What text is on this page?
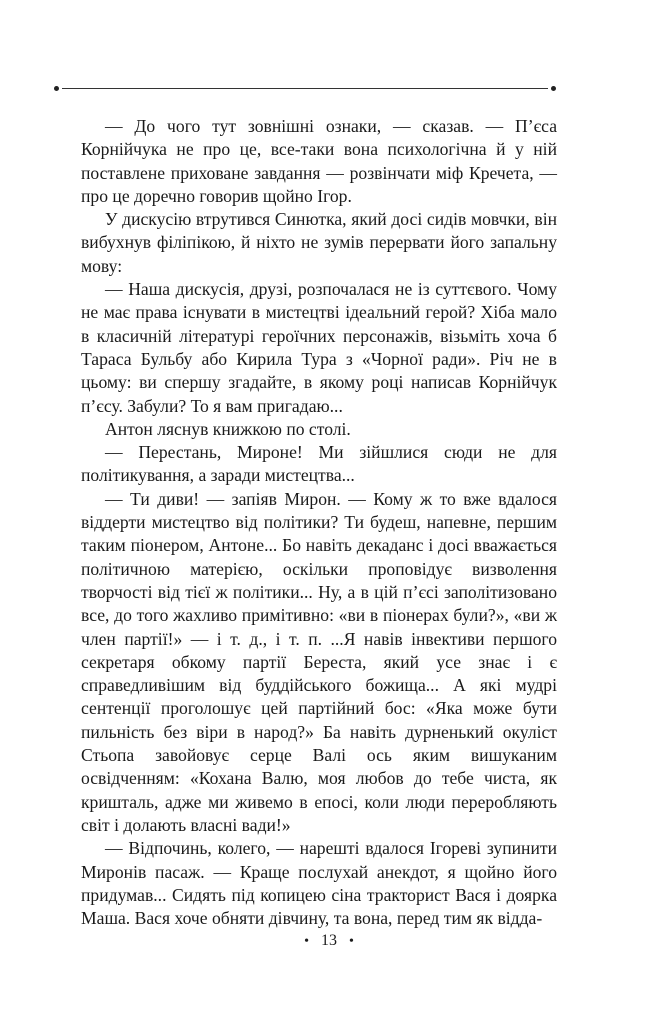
— До чого тут зовнішні ознаки, — сказав. — П’єса Корнійчука не про це, все-таки вона психологічна й у ній поставлене приховане завдання — розвінчати міф Кречета, — про це доречно говорив щойно Ігор.

У дискусію втрутився Синютка, який досі сидів мовчки, він вибухнув філіпікою, й ніхто не зумів перервати його запальну мову:

— Наша дискусія, друзі, розпочалася не із суттєвого. Чому не має права існувати в мистецтві ідеальний герой? Хіба мало в класичній літературі героїчних персонажів, візьміть хоча б Тараса Бульбу або Кирила Тура з «Чорної ради». Річ не в цьому: ви спершу згадайте, в якому році написав Корнійчук п’єсу. Забули? То я вам пригадаю...

Антон ляснув книжкою по столі.

— Перестань, Мироне! Ми зійшлися сюди не для політикування, а заради мистецтва...

— Ти диви! — запіяв Мирон. — Кому ж то вже вдалося віддерти мистецтво від політики? Ти будеш, напевне, першим таким піонером, Антоне... Бо навіть декаданс і досі вважається політичною матерією, оскільки проповідує визволення творчості від тієї ж політики... Ну, а в цій п’єсі заполітизовано все, до того жахливо примітивно: «ви в піонерах були?», «ви ж член партії!» — і т. д., і т. п. ...Я навів інвективи першого секретаря обкому партії Береста, який усе знає і є справедливішим від буддійського божища... А які мудрі сентенції проголошує цей партійний бос: «Яка може бути пильність без віри в народ?» Ба навіть дурненький окуліст Стьопа завойовує серце Валі ось яким вишуканим освідченням: «Кохана Валю, моя любов до тебе чиста, як кришталь, адже ми живемо в епосі, коли люди переробляють світ і долають власні вади!»

— Відпочинь, колего, — нарешті вдалося Ігореві зупинити Миронів пасаж. — Краще послухай анекдот, я щойно його придумав... Сидять під копицею сіна тракторист Вася і доярка Маша. Вася хоче обняти дівчину, та вона, перед тим як відда-

• 13 •
